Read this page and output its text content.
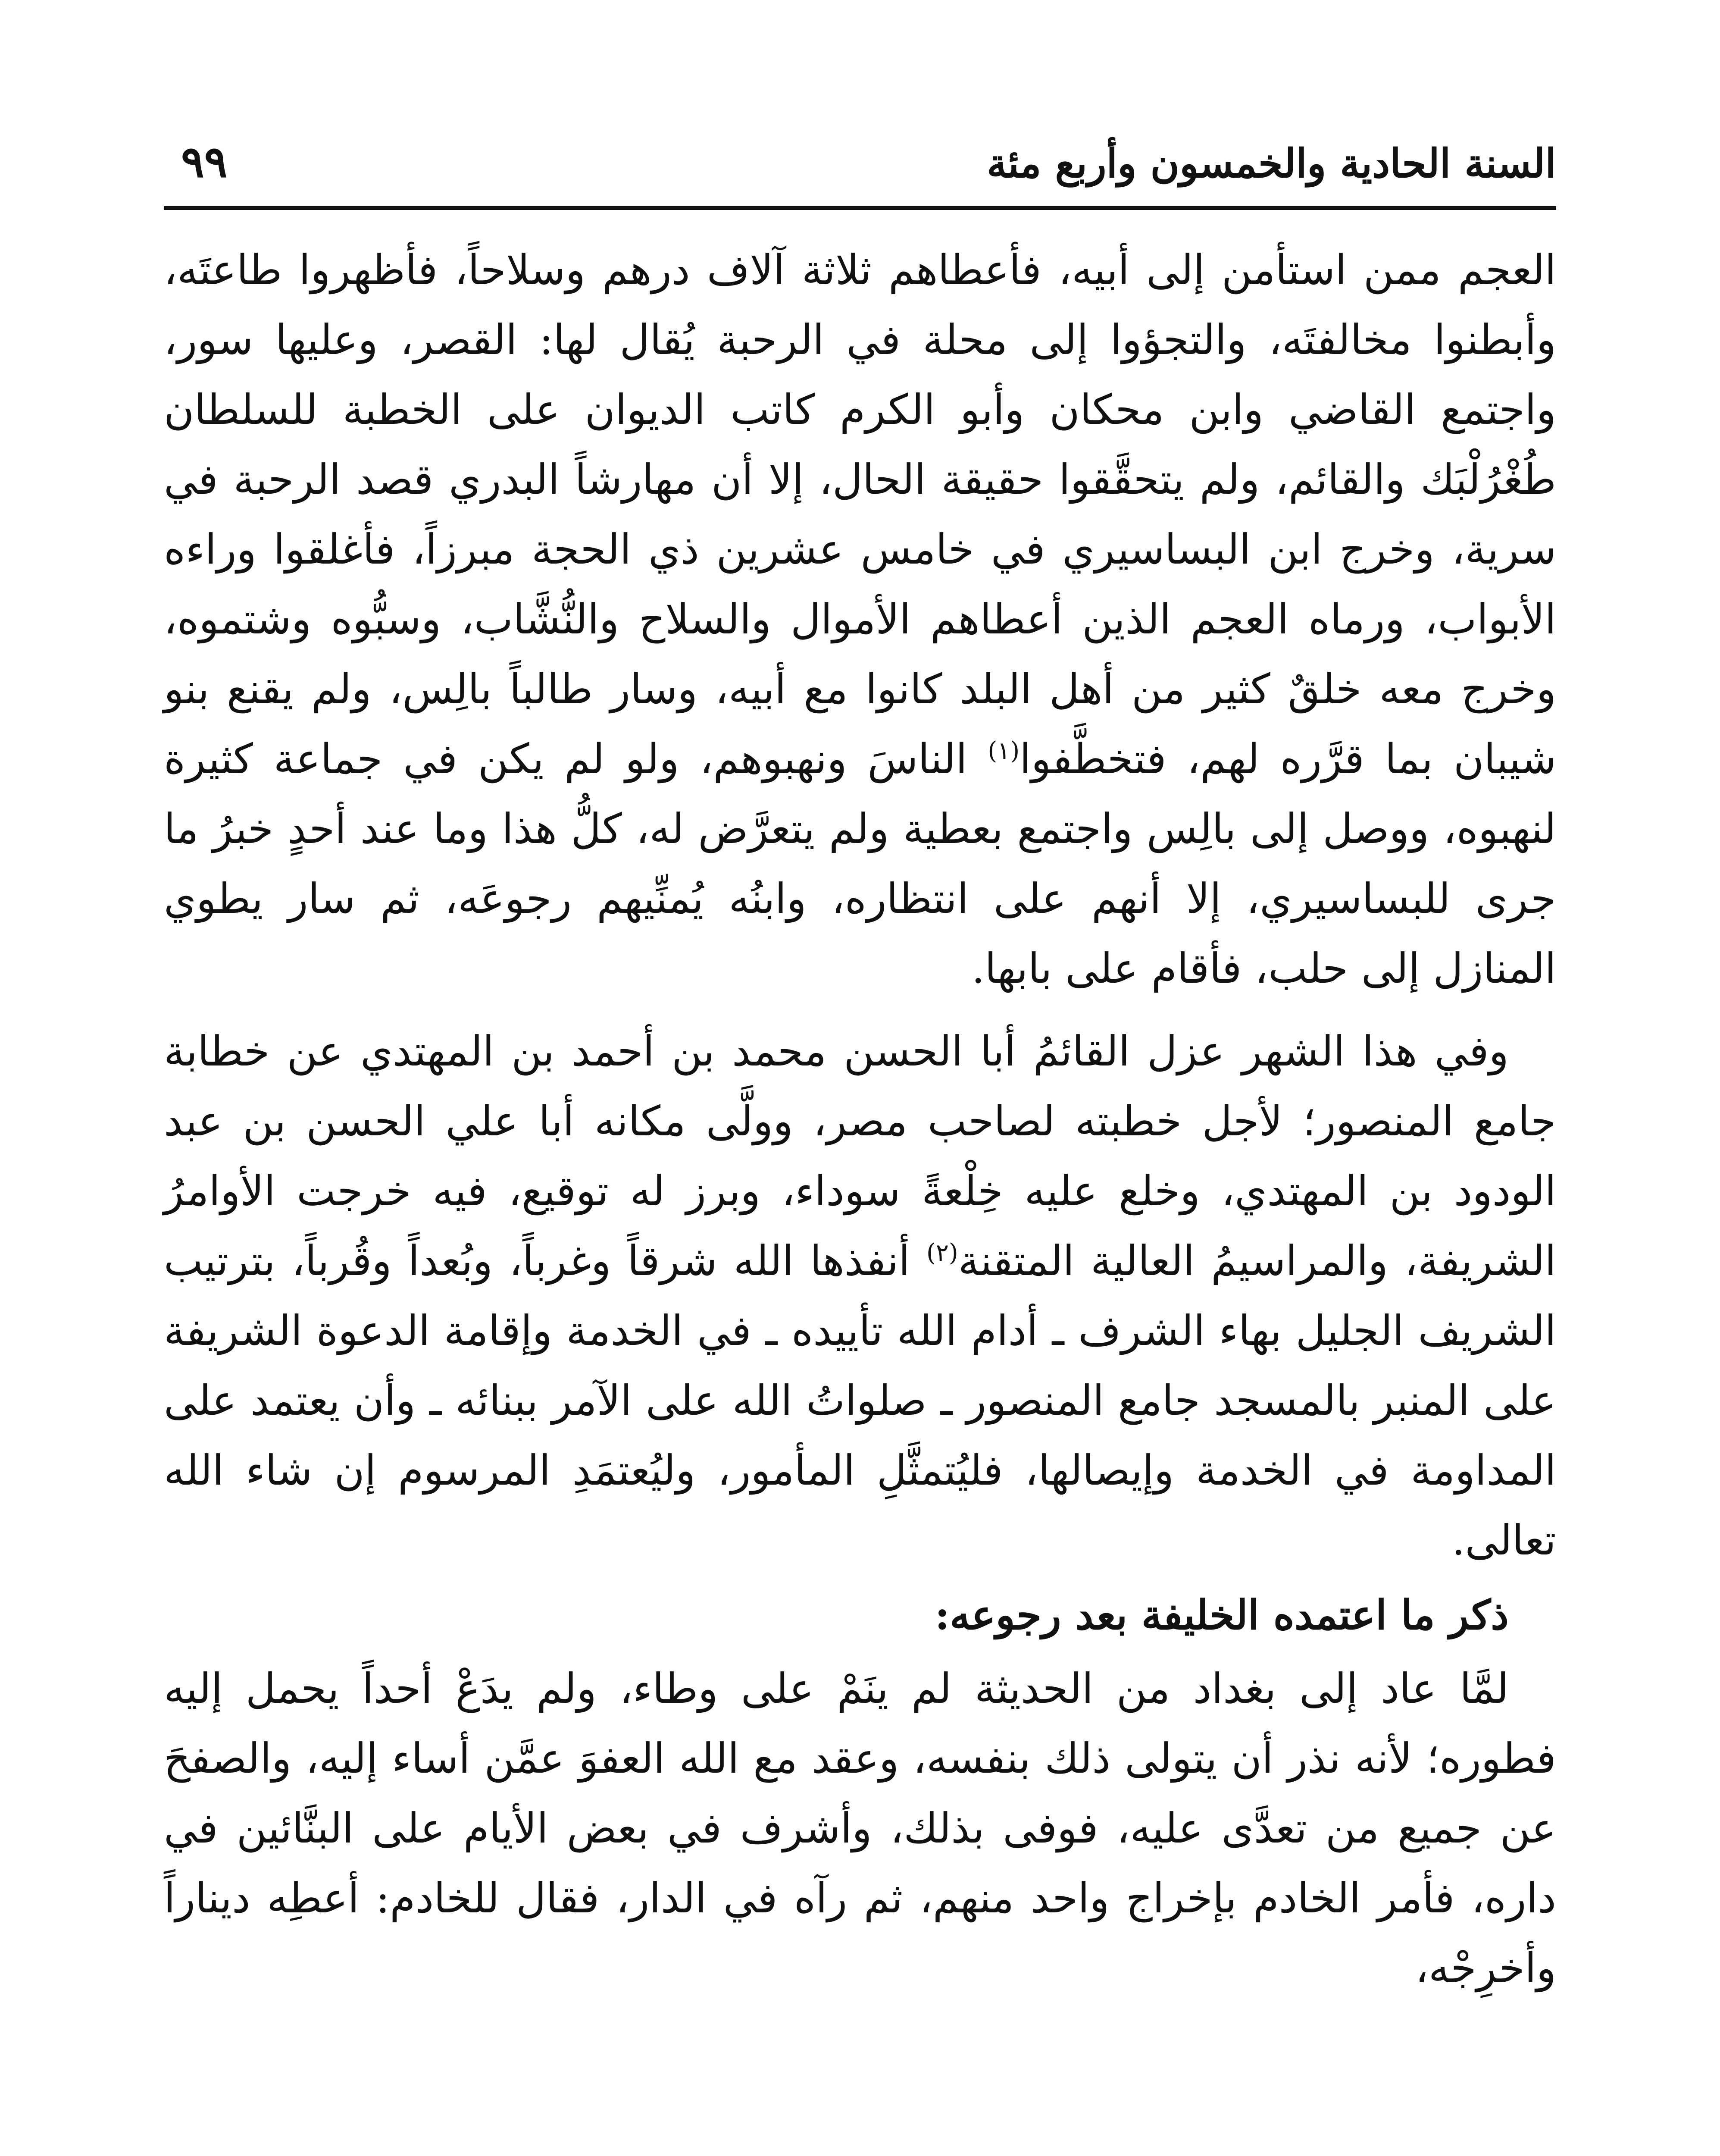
السنة الحادية والخمسون وأربع مئة
٩٩

العجم ممن استأمن إلى أبيه، فأعطاهم ثلاثة آلاف درهم وسلاحاً، فأظهروا طاعتَه، وأبطنوا مخالفتَه، والتجؤوا إلى محلة في الرحبة يُقال لها: القصر، وعليها سور، واجتمع القاضي وابن محكان وأبو الكرم كاتب الديوان على الخطبة للسلطان طُغْرُلْبَك والقائم، ولم يتحقَّقوا حقيقة الحال، إلا أن مهارشاً البدري قصد الرحبة في سرية، وخرج ابن البساسيري في خامس عشرين ذي الحجة مبرزاً، فأغلقوا وراءه الأبواب، ورماه العجم الذين أعطاهم الأموال والسلاح والنُّشَّاب، وسبُّوه وشتموه، وخرج معه خلقٌ كثير من أهل البلد كانوا مع أبيه، وسار طالباً بالِس، ولم يقنع بنو شيبان بما قرَّره لهم، فتخطَّفوا$^{(١)}$ الناسَ ونهبوهم، ولو لم يكن في جماعة كثيرة لنهبوه، ووصل إلى بالِس واجتمع بعطية ولم يتعرَّض له، كلُّ هذا وما عند أحدٍ خبرُ ما جرى للبساسيري، إلا أنهم على انتظاره، وابنُه يُمنِّيهم رجوعَه، ثم سار يطوي المنازل إلى حلب، فأقام على بابها.

وفي هذا الشهر عزل القائمُ أبا الحسن محمد بن أحمد بن المهتدي عن خطابة جامع المنصور؛ لأجل خطبته لصاحب مصر، وولَّى مكانه أبا علي الحسن بن عبد الودود بن المهتدي، وخلع عليه خِلْعةً سوداء، وبرز له توقيع، فيه خرجت الأوامرُ الشريفة، والمراسيمُ العالية المتقنة$^{(٢)}$ أنفذها الله شرقاً وغرباً، وبُعداً وقُرباً، بترتيب الشريف الجليل بهاء الشرف ـ أدام الله تأييده ـ في الخدمة وإقامة الدعوة الشريفة على المنبر بالمسجد جامع المنصور ـ صلواتُ الله على الآمر ببنائه ـ وأن يعتمد على المداومة في الخدمة وإيصالها، فليُتمثَّلِ المأمور، وليُعتمَدِ المرسوم إن شاء الله تعالى.

ذكر ما اعتمده الخليفة بعد رجوعه:

لمَّا عاد إلى بغداد من الحديثة لم ينَمْ على وطاء، ولم يدَعْ أحداً يحمل إليه فطوره؛ لأنه نذر أن يتولى ذلك بنفسه، وعقد مع الله العفوَ عمَّن أساء إليه، والصفحَ عن جميع من تعدَّى عليه، فوفى بذلك، وأشرف في بعض الأيام على البنَّائين في داره، فأمر الخادم بإخراج واحد منهم، ثم رآه في الدار، فقال للخادم: أعطِه ديناراً وأخرِجْه،
